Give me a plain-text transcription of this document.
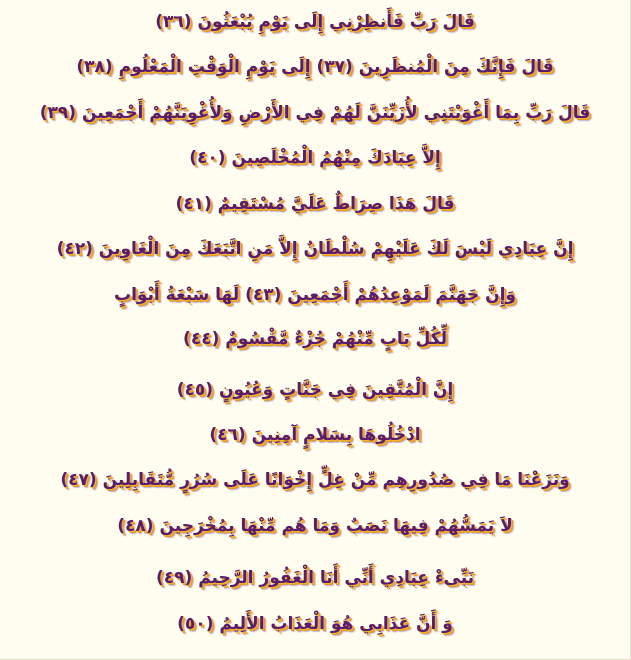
قَالَ رَبِّ فَأَنظِرْنِي إِلَى يَوْمِ يُبْعَثُونَ (٣٦)
قَالَ فَإِنَّكَ مِنَ الْمُنظَرِينَ (٣٧) إِلَى يَوْمِ الْوَقْتِ الْمَعْلُومِ (٣٨)
قَالَ رَبِّ بِمَا أَغْوَيْتَنِي لأُزَيِّنَنَّ لَهُمْ فِي الأَرْضِ وَلأُغْوِيَنَّهُمْ أَجْمَعِينَ (٣٩)
إِلاَّ عِبَادَكَ مِنْهُمُ الْمُخْلَصِينَ (٤٠)
قَالَ هَذَا صِرَاطٌ عَلَيَّ مُسْتَقِيمٌ (٤١)
إِنَّ عِبَادِي لَيْسَ لَكَ عَلَيْهِمْ سُلْطَانٌ إِلاَّ مَنِ اتَّبَعَكَ مِنَ الْغَاوِينَ (٤٢)
وَإِنَّ جَهَنَّمَ لَمَوْعِدُهُمْ أَجْمَعِينَ (٤٣) لَهَا سَبْعَةُ أَبْوَابٍ
لِّكُلِّ بَابٍ مِّنْهُمْ جُزْءٌ مَّقْسُومٌ (٤٤)
إِنَّ الْمُتَّقِينَ فِي جَنَّاتٍ وَعُيُونٍ (٤٥)
ادْخُلُوهَا بِسَلامٍ آمِنِينَ (٤٦)
وَنَزَعْنَا مَا فِي صُدُورِهِم مِّنْ غِلٍّ إِخْوَانًا عَلَى سُرُرٍ مُّتَقَابِلِينَ (٤٧)
لاَ يَمَسُّهُمْ فِيهَا نَصَبٌ وَمَا هُم مِّنْهَا بِمُخْرَجِينَ (٤٨)
نَبِّىءْ عِبَادِي أَنِّي أَنَا الْغَفُورُ الرَّحِيمُ (٤٩)
وَ أَنَّ عَذَابِي هُوَ الْعَذَابُ الأَلِيمُ (٥٠)
